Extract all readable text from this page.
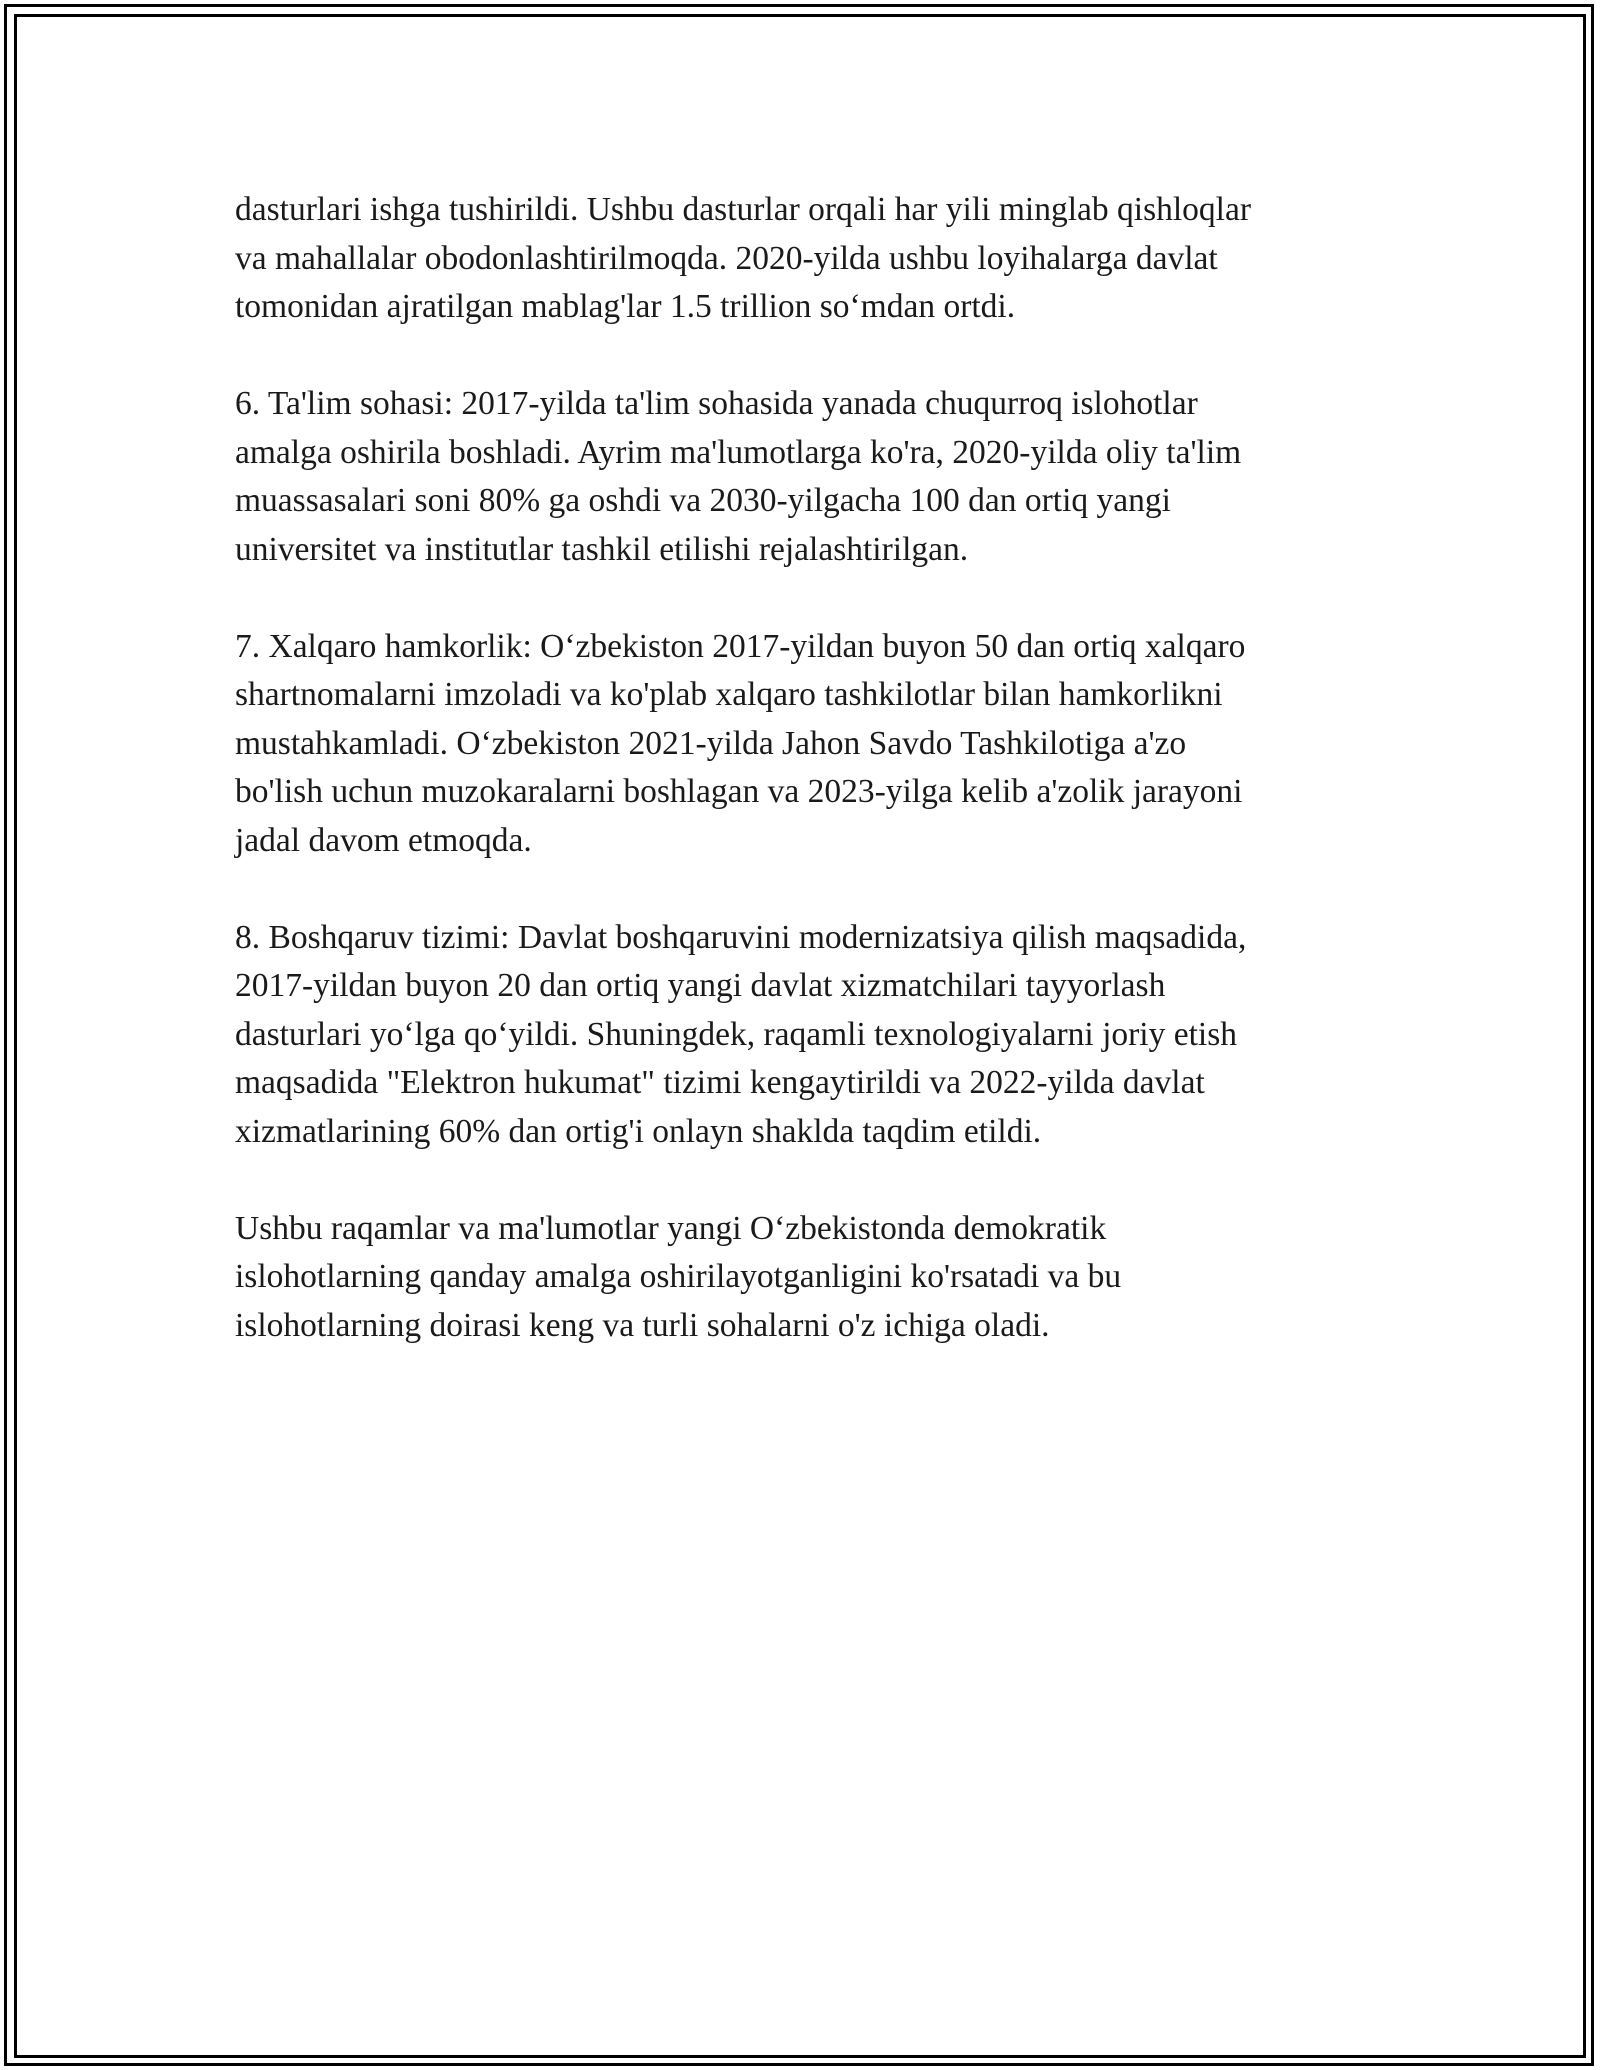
dasturlari ishga tushirildi. Ushbu dasturlar orqali har yili minglab qishloqlar
va mahallalar obodonlashtirilmoqda. 2020-yilda ushbu loyihalarga davlat
tomonidan ajratilgan mablag'lar 1.5 trillion so‘mdan ortdi.

6. Ta'lim sohasi: 2017-yilda ta'lim sohasida yanada chuqurroq islohotlar
amalga oshirila boshladi. Ayrim ma'lumotlarga ko'ra, 2020-yilda oliy ta'lim
muassasalari soni 80% ga oshdi va 2030-yilgacha 100 dan ortiq yangi
universitet va institutlar tashkil etilishi rejalashtirilgan.

7. Xalqaro hamkorlik: O‘zbekiston 2017-yildan buyon 50 dan ortiq xalqaro
shartnomalarni imzoladi va ko'plab xalqaro tashkilotlar bilan hamkorlikni
mustahkamladi. O‘zbekiston 2021-yilda Jahon Savdo Tashkilotiga a'zo
bo'lish uchun muzokaralarni boshlagan va 2023-yilga kelib a'zolik jarayoni
jadal davom etmoqda.

8. Boshqaruv tizimi: Davlat boshqaruvini modernizatsiya qilish maqsadida,
2017-yildan buyon 20 dan ortiq yangi davlat xizmatchilari tayyorlash
dasturlari yo‘lga qo‘yildi. Shuningdek, raqamli texnologiyalarni joriy etish
maqsadida "Elektron hukumat" tizimi kengaytirildi va 2022-yilda davlat
xizmatlarining 60% dan ortig'i onlayn shaklda taqdim etildi.

Ushbu raqamlar va ma'lumotlar yangi O‘zbekistonda demokratik
islohotlarning qanday amalga oshirilayotganligini ko'rsatadi va bu
islohotlarning doirasi keng va turli sohalarni o'z ichiga oladi.
